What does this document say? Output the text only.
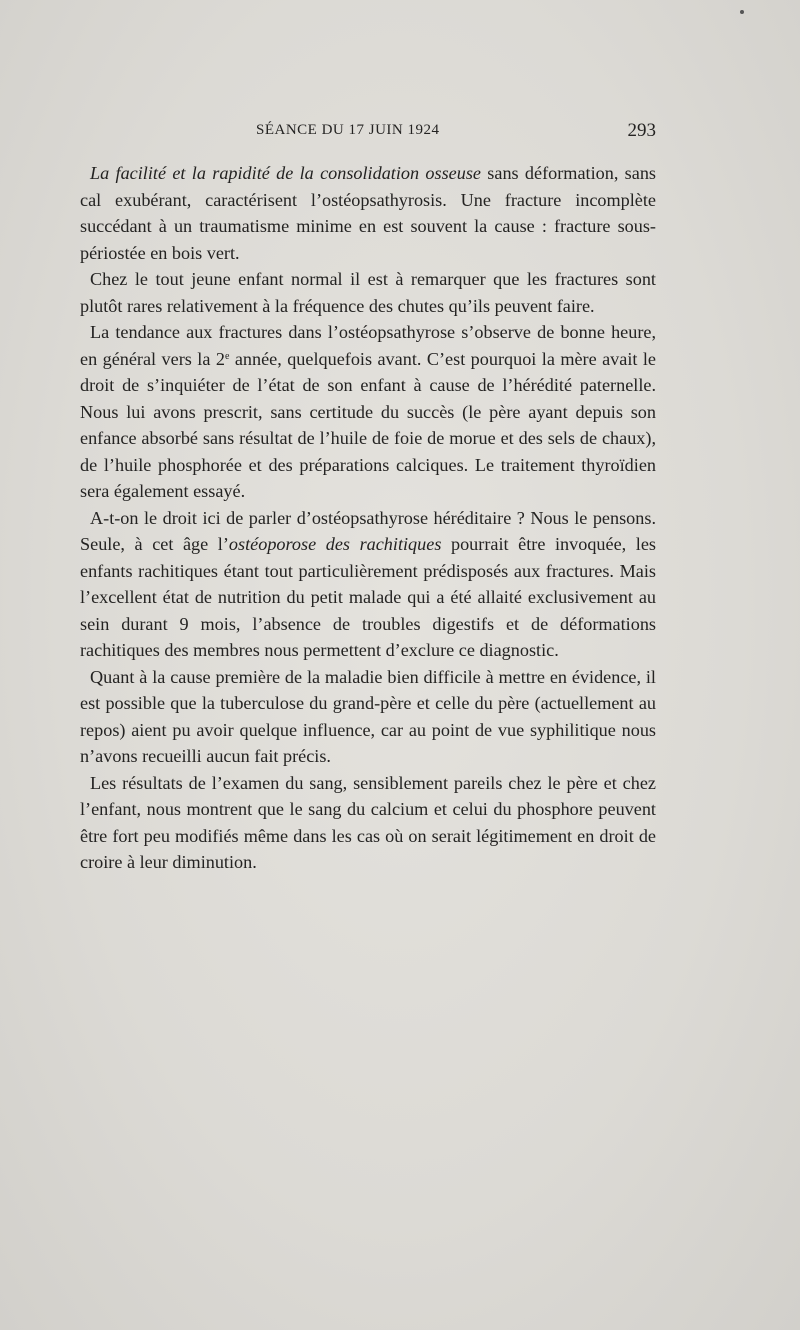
SÉANCE DU 17 JUIN 1924	293

La facilité et la rapidité de la consolidation osseuse sans déformation, sans cal exubérant, caractérisent l’ostéopsathyrosis. Une fracture incomplète succédant à un traumatisme minime en est souvent la cause : fracture sous-périostée en bois vert.

Chez le tout jeune enfant normal il est à remarquer que les fractures sont plutôt rares relativement à la fréquence des chutes qu’ils peuvent faire.

La tendance aux fractures dans l’ostéopsathyrose s’observe de bonne heure, en général vers la 2e année, quelquefois avant. C’est pourquoi la mère avait le droit de s’inquiéter de l’état de son enfant à cause de l’hérédité paternelle. Nous lui avons prescrit, sans certitude du succès (le père ayant depuis son enfance absorbé sans résultat de l’huile de foie de morue et des sels de chaux), de l’huile phosphorée et des préparations calciques. Le traitement thyroïdien sera également essayé.

A-t-on le droit ici de parler d’ostéopsathyrose héréditaire ? Nous le pensons. Seule, à cet âge l’ostéoporose des rachitiques pourrait être invoquée, les enfants rachitiques étant tout particulièrement prédisposés aux fractures. Mais l’excellent état de nutrition du petit malade qui a été allaité exclusivement au sein durant 9 mois, l’absence de troubles digestifs et de déformations rachitiques des membres nous permettent d’exclure ce diagnostic.

Quant à la cause première de la maladie bien difficile à mettre en évidence, il est possible que la tuberculose du grand-père et celle du père (actuellement au repos) aient pu avoir quelque influence, car au point de vue syphilitique nous n’avons recueilli aucun fait précis.

Les résultats de l’examen du sang, sensiblement pareils chez le père et chez l’enfant, nous montrent que le sang du calcium et celui du phosphore peuvent être fort peu modifiés même dans les cas où on serait légitimement en droit de croire à leur diminution.
